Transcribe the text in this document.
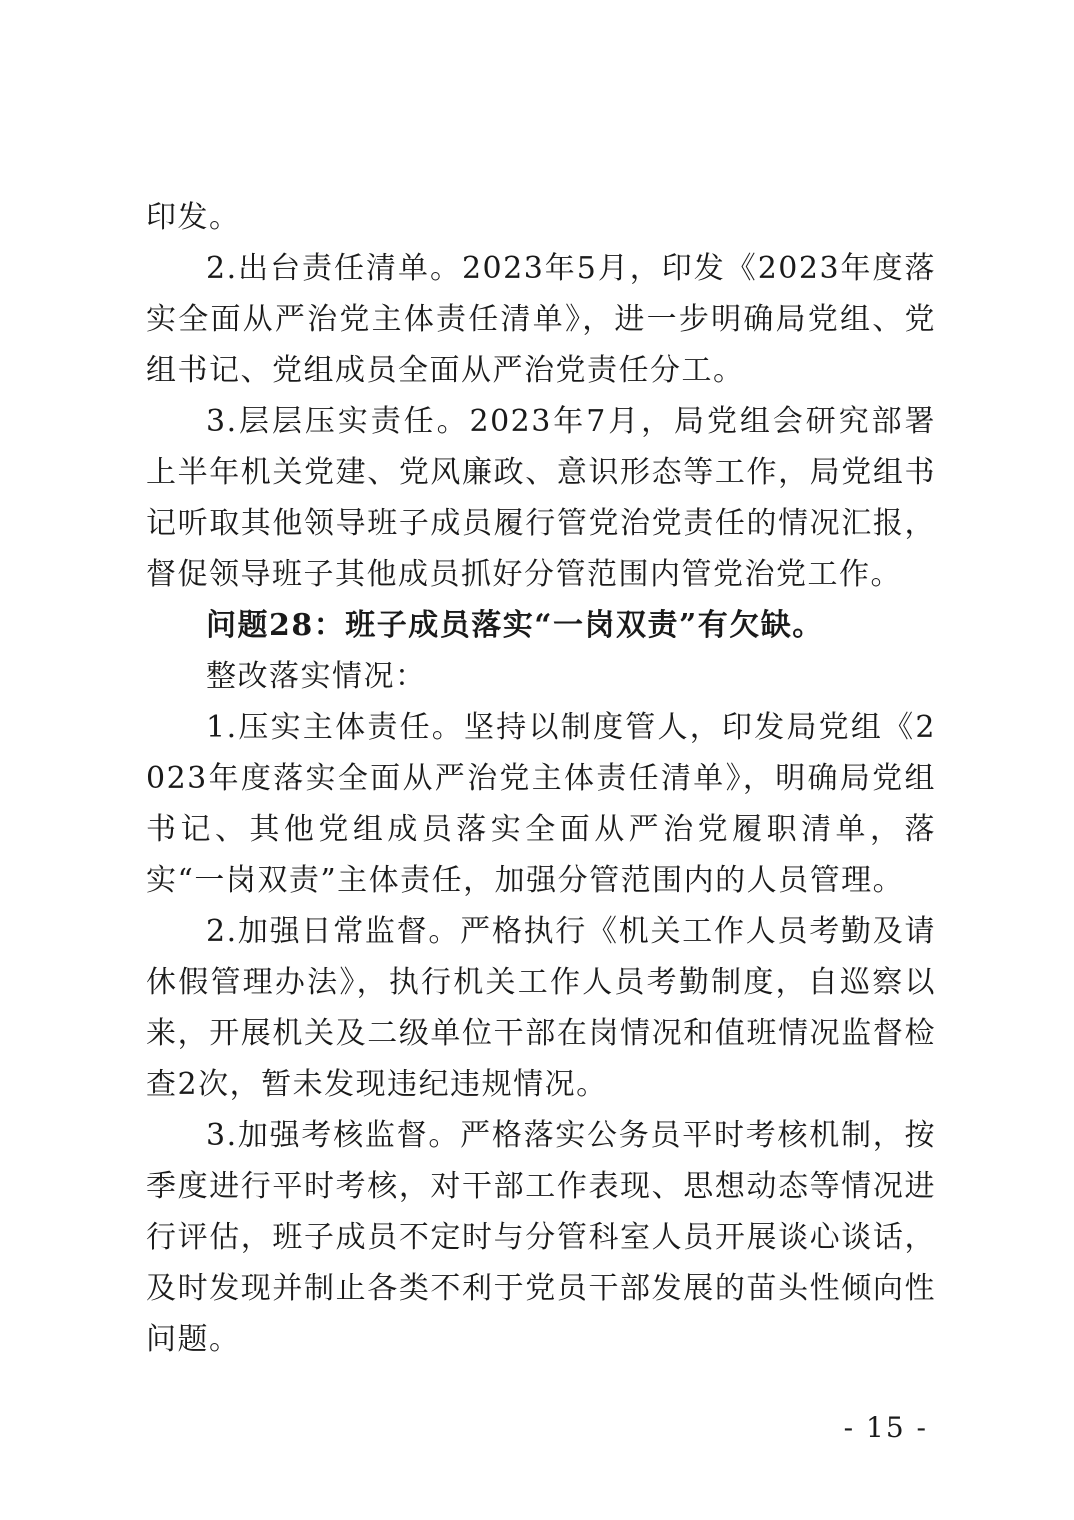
印发。

2.出台责任清单。2023年5月，印发《2023年度落实全面从严治党主体责任清单》，进一步明确局党组、党组书记、党组成员全面从严治党责任分工。

3.层层压实责任。2023年7月，局党组会研究部署上半年机关党建、党风廉政、意识形态等工作，局党组书记听取其他领导班子成员履行管党治党责任的情况汇报，督促领导班子其他成员抓好分管范围内管党治党工作。

问题28：班子成员落实“一岗双责”有欠缺。

整改落实情况：

1.压实主体责任。坚持以制度管人，印发局党组《2023年度落实全面从严治党主体责任清单》，明确局党组书记、其他党组成员落实全面从严治党履职清单，落实“一岗双责”主体责任，加强分管范围内的人员管理。

2.加强日常监督。严格执行《机关工作人员考勤及请休假管理办法》，执行机关工作人员考勤制度，自巡察以来，开展机关及二级单位干部在岗情况和值班情况监督检查2次，暂未发现违纪违规情况。

3.加强考核监督。严格落实公务员平时考核机制，按季度进行平时考核，对干部工作表现、思想动态等情况进行评估，班子成员不定时与分管科室人员开展谈心谈话，及时发现并制止各类不利于党员干部发展的苗头性倾向性问题。

- 15 -
